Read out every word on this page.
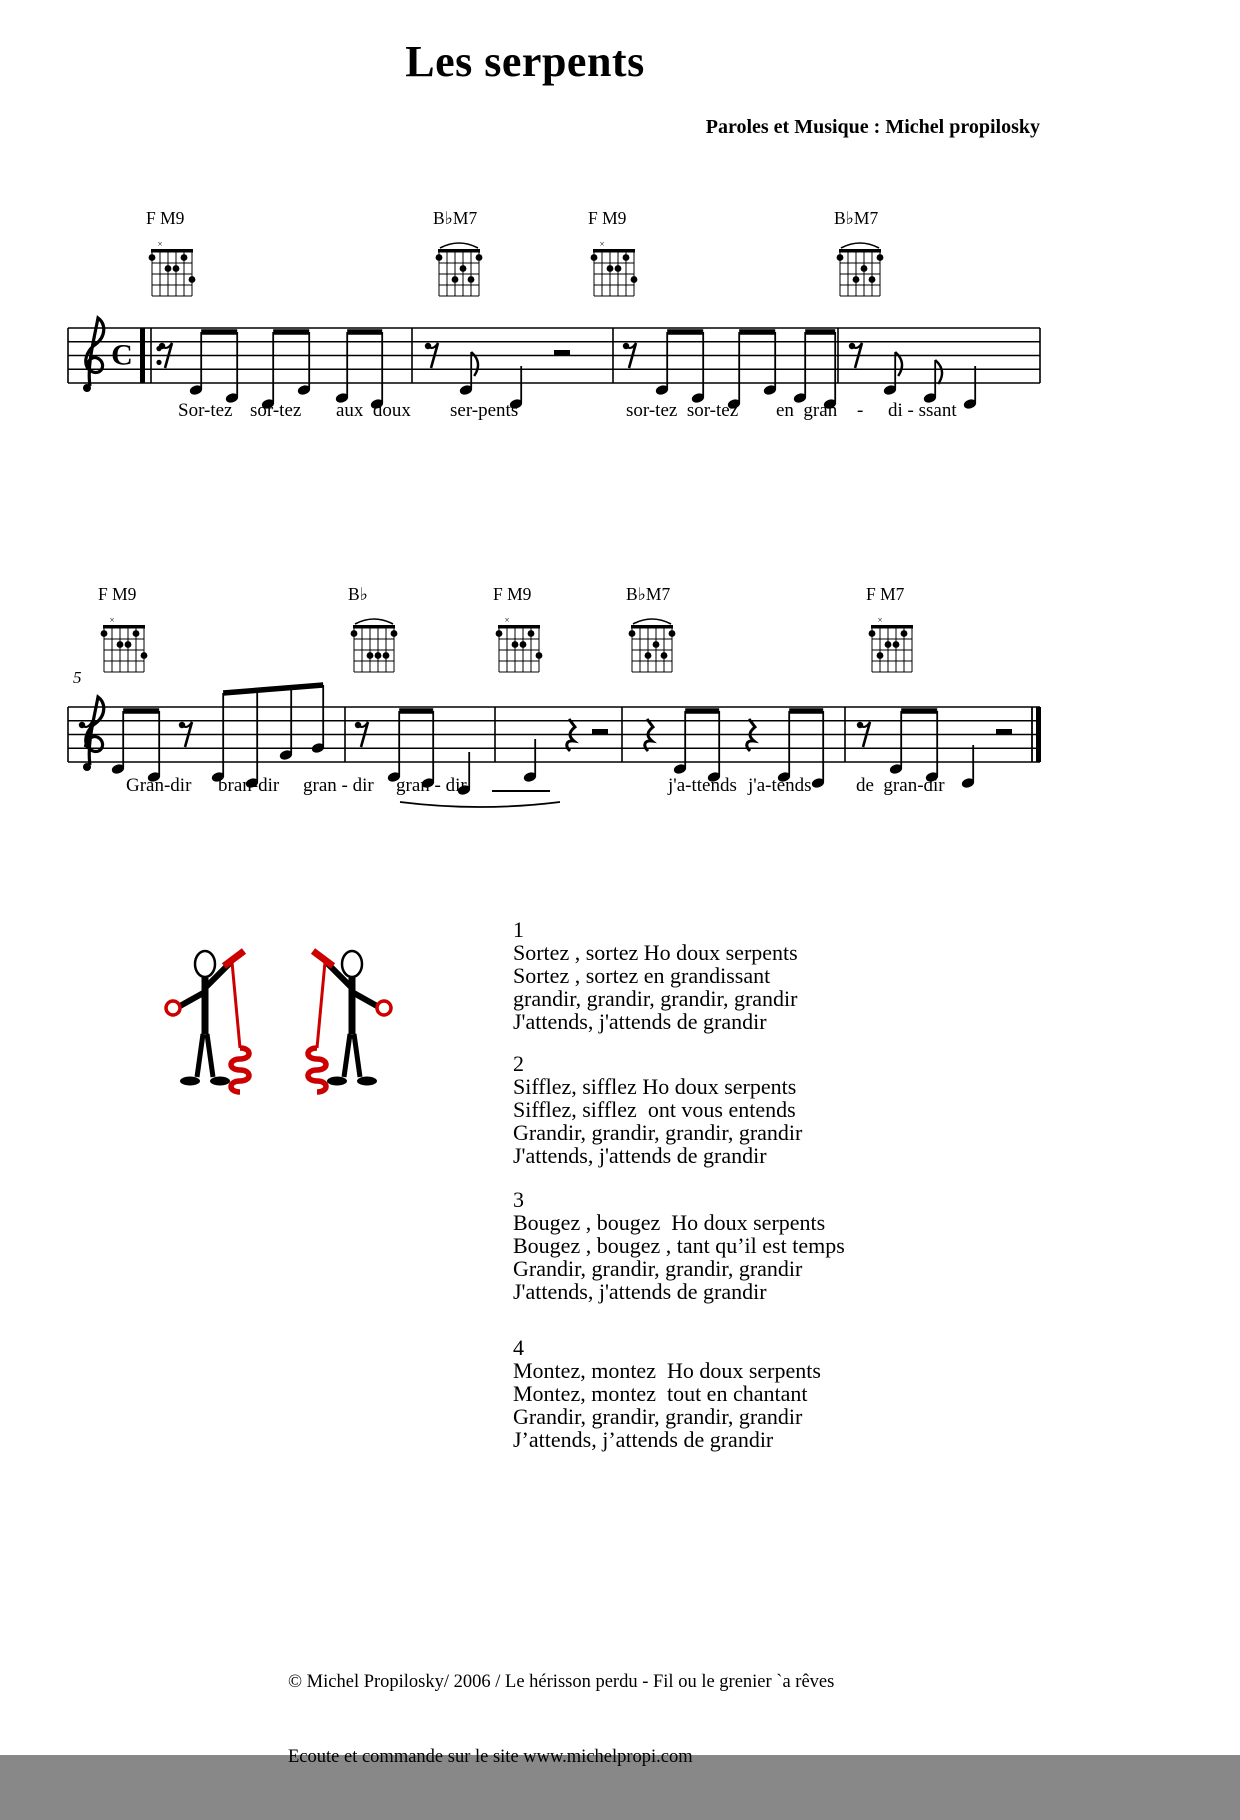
Les serpents
Paroles et Musique : Michel propilosky
F M9
×
B♭M7	F M9
×
B♭M7
C
Sor-tez sor-tez aux  doux ser-pents	sor-tez  sor-tez en  gran - di - ssant
F M9
×
B♭	F M9
×
B♭M7	F M7
×
5
Gran-dir bran-dir gran - dir gran - dir	j'a-ttends j'a-tends de  gran-dir
1
Sortez , sortez Ho doux serpents
Sortez , sortez en grandissant
grandir, grandir, grandir, grandir
J'attends, j'attends de grandir
2
Sifflez, sifflez Ho doux serpents
Sifflez, sifflez  ont vous entends
Grandir, grandir, grandir, grandir
J'attends, j'attends de grandir
3
Bougez , bougez  Ho doux serpents
Bougez , bougez , tant qu’il est temps
Grandir, grandir, grandir, grandir
J'attends, j'attends de grandir
4
Montez, montez  Ho doux serpents
Montez, montez  tout en chantant
Grandir, grandir, grandir, grandir
J’attends, j’attends de grandir

© Michel Propilosky/ 2006 / Le hérisson perdu - Fil ou le grenier `a rêves

Ecoute et commande sur le site www.michelpropi.com
